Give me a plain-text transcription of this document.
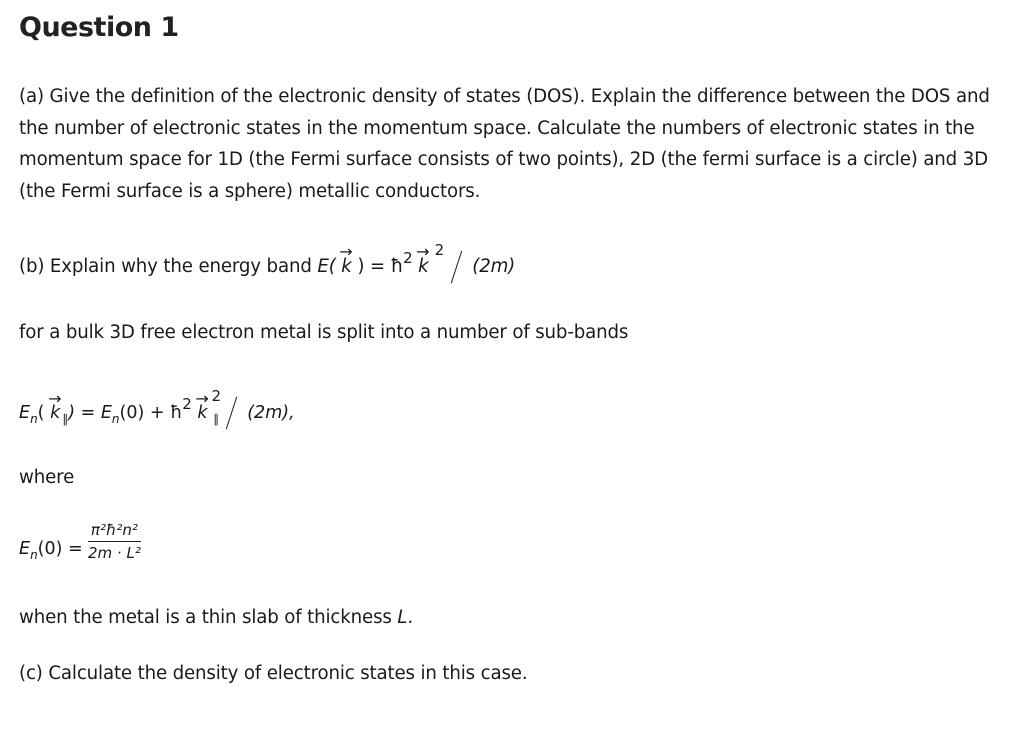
Question 1
(a) Give the definition of the electronic density of states (DOS). Explain the difference between the DOS and the number of electronic states in the momentum space. Calculate the numbers of electronic states in the momentum space for 1D (the Fermi surface consists of two points), 2D (the fermi surface is a circle) and 3D (the Fermi surface is a sphere) metallic conductors.
(b) Explain why the energy band E(
→
k ) = $ħ^2$ →
$k^2$  (2m)
for a bulk 3D free electron metal is split into a number of sub-bands
$E_n$(
→
k $_\parallel) = E_n(0)$ + ħ2 →
$k2_\parallel$ (2m),
where
$E_n(0) = \frac{\text{π²ħ²n²}}{\text{2m · L²}}$
when the metal is a thin slab of thickness L.
(c) Calculate the density of electronic states in this case.
